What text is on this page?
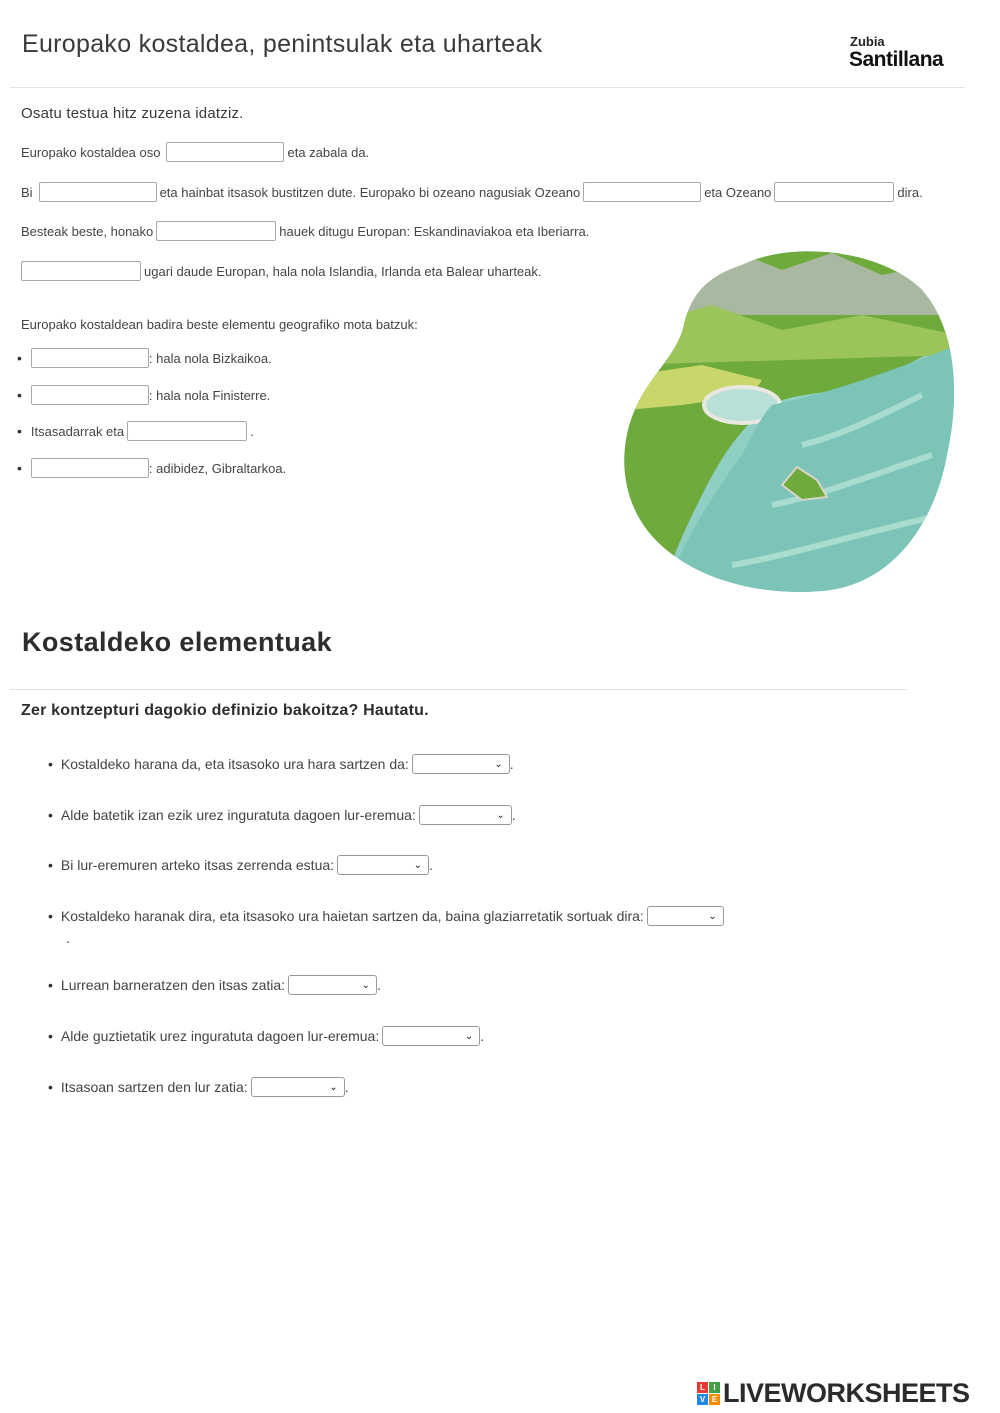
Europako kostaldea, penintsulak eta uharteak	Zubia
Santillana
Osatu testua hitz zuzena idatziz.
Europako kostaldea oso	eta zabala da.
Bi	eta hainbat itsasok bustitzen dute. Europako bi ozeano nagusiak Ozeano	eta Ozeano	dira.
Besteak beste, honako	hauek ditugu Europan: Eskandinaviakoa eta Iberiarra.
ugari daude Europan, hala nola Islandia, Irlanda eta Balear uharteak.
Europako kostaldean badira beste elementu geografiko mota batzuk:
•	: hala nola Bizkaikoa.
•	: hala nola Finisterre.
• Itsasadarrak eta	.
•	: adibidez, Gibraltarkoa.
Kostaldeko elementuak
Zer kontzepturi dagokio definizio bakoitza? Hautatu.
• Kostaldeko harana da, eta itsasoko ura hara sartzen da:	⌄ .
• Alde batetik izan ezik urez inguratuta dagoen lur-eremua:	⌄ .
• Bi lur-eremuren arteko itsas zerrenda estua:	⌄ .
• Kostaldeko haranak dira, eta itsasoko ura haietan sartzen da, baina glaziarretatik sortuak dira:	⌄
.
• Lurrean barneratzen den itsas zatia:	⌄ .
• Alde guztietatik urez inguratuta dagoen lur-eremua:	⌄ .
• Itsasoan sartzen den lur zatia:	⌄ .
L	I
V E LIVEWORKSHEETS
